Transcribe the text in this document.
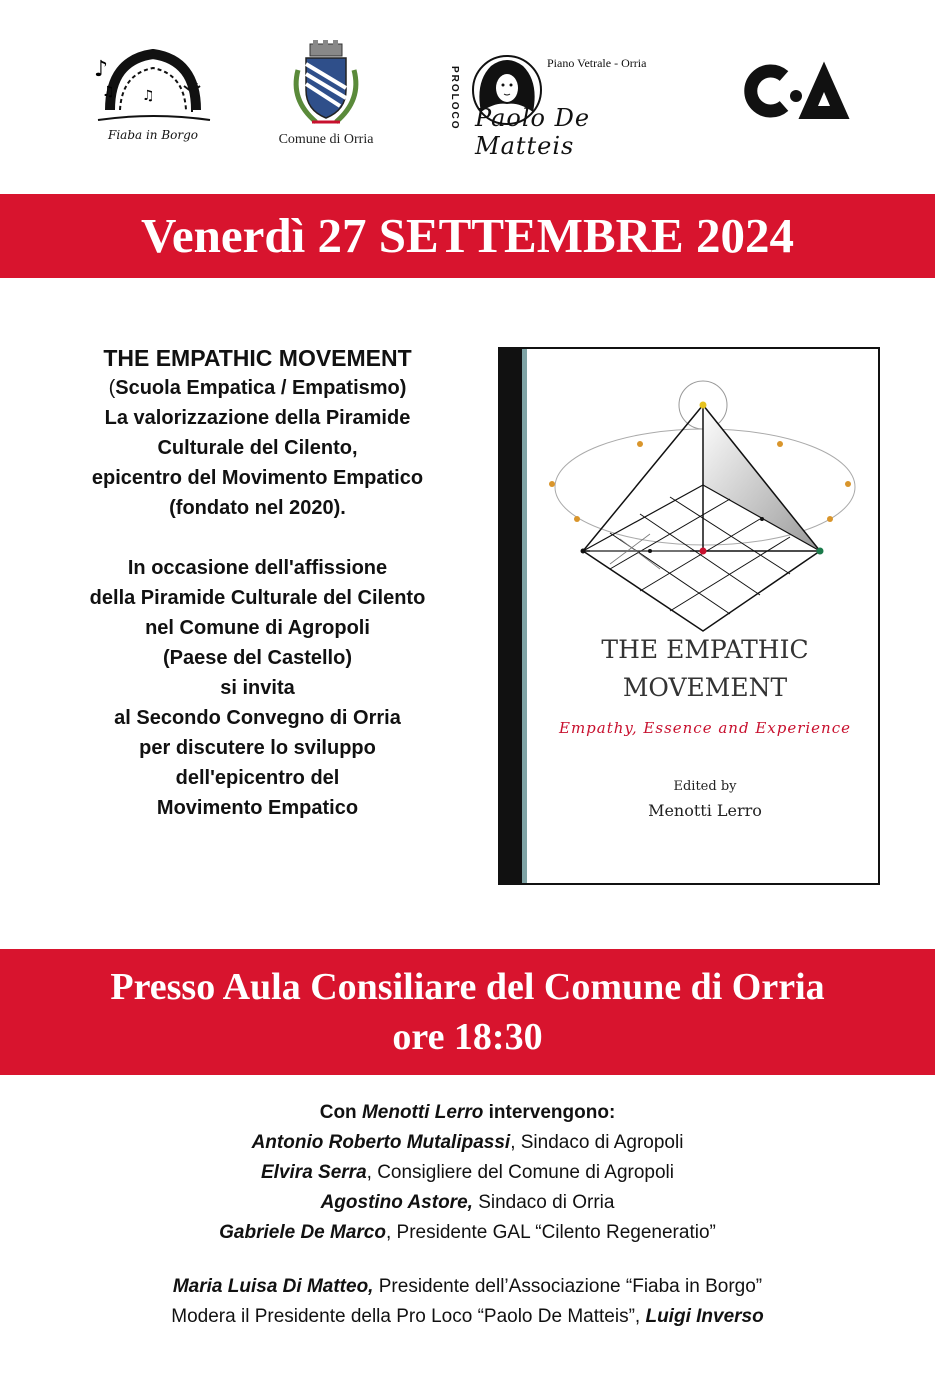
♪
♫ ♫
Fiaba in Borgo	Comune di Orria
PROLOCO
Piano Vetrale - Orria
Paolo De Matteis
Venerdì 27 SETTEMBRE 2024
THE EMPATHIC MOVEMENT
(Scuola Empatica / Empatismo)
La valorizzazione della Piramide
Culturale del Cilento,
epicentro del Movimento Empatico
(fondato nel 2020).
In occasione dell'affissione
della Piramide Culturale del Cilento
nel Comune di Agropoli
(Paese del Castello)
si invita
al Secondo Convegno di Orria
per discutere lo sviluppo
dell'epicentro del
Movimento Empatico
THE EMPATHIC
MOVEMENT
Empathy, Essence and Experience
Edited by
Menotti Lerro
Presso Aula Consiliare del Comune di Orria
ore 18:30
Con Menotti Lerro intervengono:
Antonio Roberto Mutalipassi, Sindaco di Agropoli
Elvira Serra, Consigliere del Comune di Agropoli
Agostino Astore, Sindaco di Orria
Gabriele De Marco, Presidente GAL “Cilento Regeneratio”
Maria Luisa Di Matteo, Presidente dell’Associazione “Fiaba in Borgo”
Modera il Presidente della Pro Loco “Paolo De Matteis”, Luigi Inverso
